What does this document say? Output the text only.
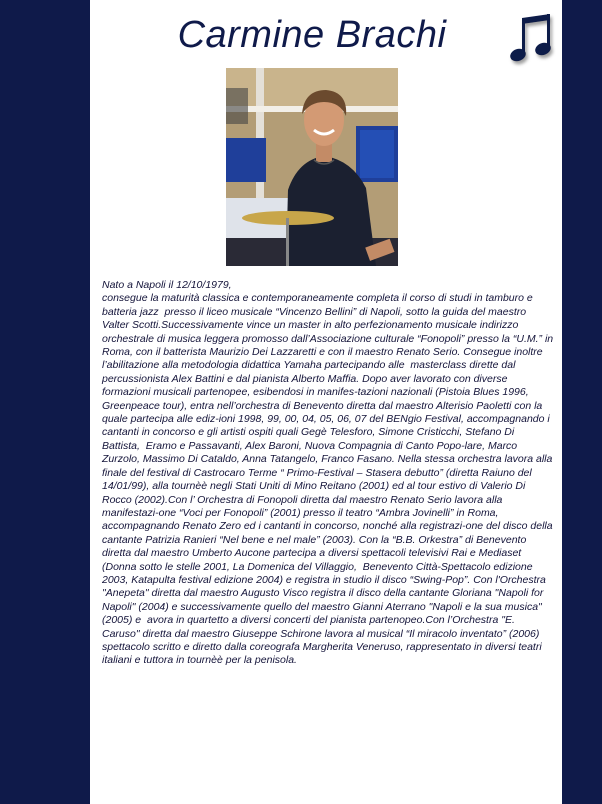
Carmine Brachi

Nato a Napoli il 12/10/1979,
consegue la maturità classica e contemporaneamente completa il corso di studi in tamburo e batteria jazz  presso il liceo musicale “Vincenzo Bellini” di Napoli, sotto la guida del maestro Valter Scotti.Successivamente vince un master in alto perfezionamento musicale indirizzo orchestrale di musica leggera promosso dall’Associazione culturale “Fonopoli” presso la “U.M.” in Roma, con il batterista Maurizio Dei Lazzaretti e con il maestro Renato Serio. Consegue inoltre l’abilitazione alla metodologia didattica Yamaha partecipando alle  masterclass dirette dal percussionista Alex Battini e dal pianista Alberto Maffia. Dopo aver lavorato con diverse formazioni musicali partenopee, esibendosi in manifes-tazioni nazionali (Pistoia Blues 1996, Greenpeace tour), entra nell’orchestra di Benevento diretta dal maestro Alterisio Paoletti con la quale partecipa alle ediz-ioni 1998, 99, 00, 04, 05, 06, 07 del BENgio Festival, accompagnando i cantanti in concorso e gli artisti ospiti quali Gegè Telesforo, Simone Cristicchi, Stefano Di Battista,  Eramo e Passavanti, Alex Baroni, Nuova Compagnia di Canto Popo-lare, Marco Zurzolo, Massimo Di Cataldo, Anna Tatangelo, Franco Fasano. Nella stessa orchestra lavora alla finale del festival di Castrocaro Terme “ Primo-Festival – Stasera debutto” (diretta Raiuno del 14/01/99), alla tournèè negli Stati Uniti di Mino Reitano (2001) ed al tour estivo di Valerio Di Rocco (2002).Con l’ Orchestra di Fonopoli diretta dal maestro Renato Serio lavora alla manifestazi-one “Voci per Fonopoli” (2001) presso il teatro “Ambra Jovinelli” in Roma, accompagnando Renato Zero ed i cantanti in concorso, nonché alla registrazi-one del disco della cantante Patrizia Ranieri “Nel bene e nel male” (2003). Con la “B.B. Orkestra” di Benevento diretta dal maestro Umberto Aucone partecipa a diversi spettacoli televisivi Rai e Mediaset (Donna sotto le stelle 2001, La Domenica del Villaggio,  Benevento Città-Spettacolo edizione 2003, Katapulta festival edizione 2004) e registra in studio il disco “Swing-Pop”. Con l'Orchestra "Anepeta" diretta dal maestro Augusto Visco registra il disco della cantante Gloriana "Napoli for Napoli" (2004) e successivamente quello del maestro Gianni Aterrano "Napoli e la sua musica" (2005) e  avora in quartetto a diversi concerti del pianista partenopeo.Con l’Orchestra "E. Caruso" diretta dal maestro Giuseppe Schirone lavora al musical “Il miracolo inventato” (2006) spettacolo scritto e diretto dalla coreografa Margherita Veneruso, rappresentato in diversi teatri italiani e tuttora in tournèè per la penisola.
